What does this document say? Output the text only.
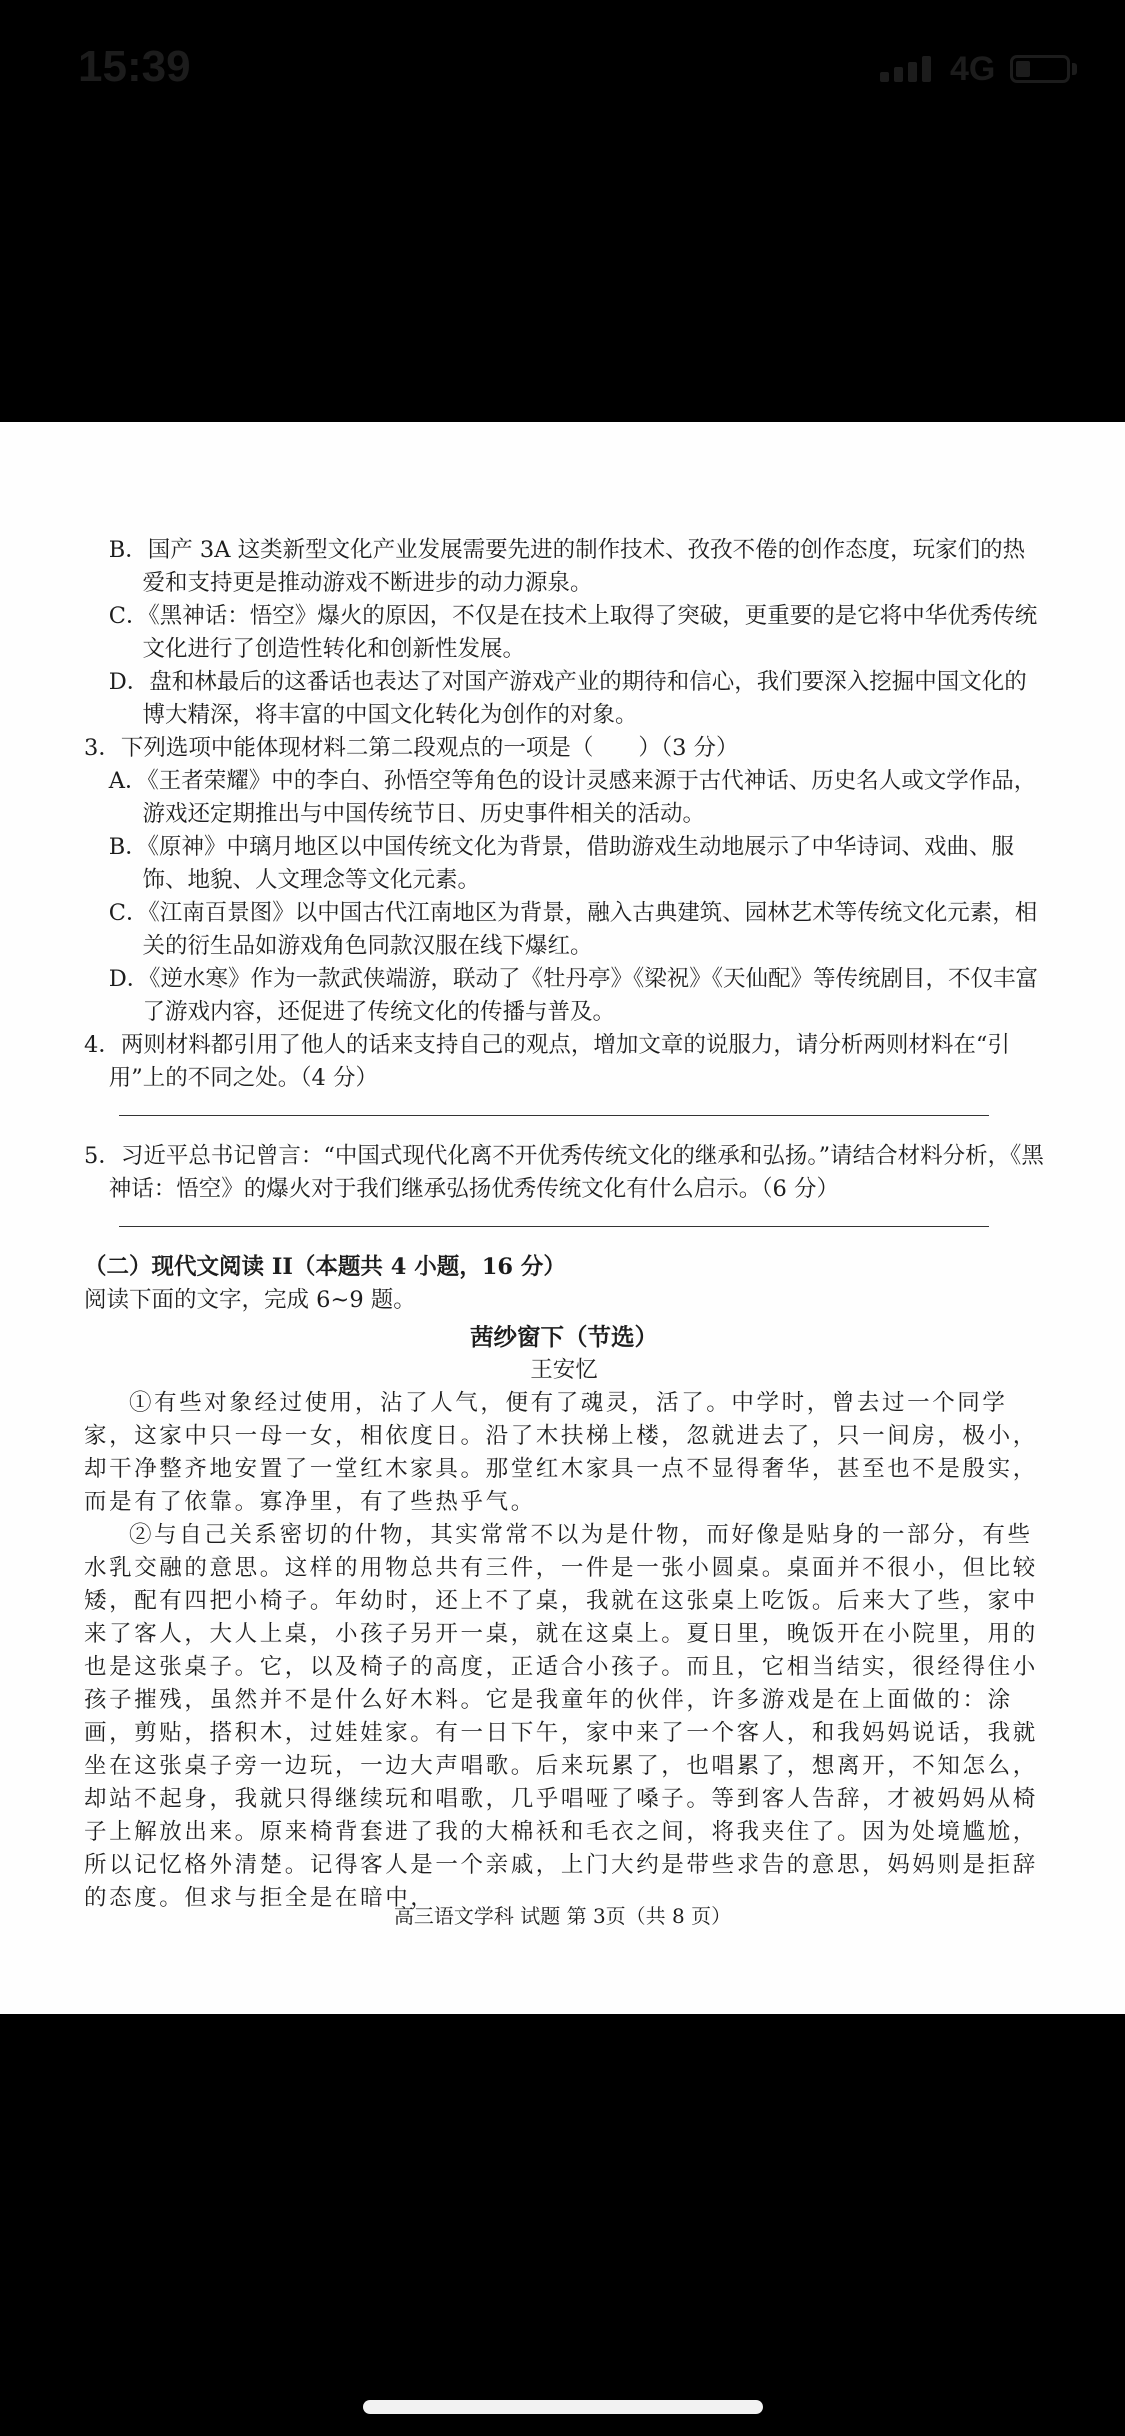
15:39	4G

B．国产 3A 这类新型文化产业发展需要先进的制作技术、孜孜不倦的创作态度，玩家们的热爱和支持更是推动游戏不断进步的动力源泉。

C．《黑神话：悟空》爆火的原因，不仅是在技术上取得了突破，更重要的是它将中华优秀传统文化进行了创造性转化和创新性发展。

D．盘和林最后的这番话也表达了对国产游戏产业的期待和信心，我们要深入挖掘中国文化的博大精深，将丰富的中国文化转化为创作的对象。

3．下列选项中能体现材料二第二段观点的一项是（　　）（3 分）

A．《王者荣耀》中的李白、孙悟空等角色的设计灵感来源于古代神话、历史名人或文学作品，游戏还定期推出与中国传统节日、历史事件相关的活动。

B．《原神》中璃月地区以中国传统文化为背景，借助游戏生动地展示了中华诗词、戏曲、服饰、地貌、人文理念等文化元素。

C．《江南百景图》以中国古代江南地区为背景，融入古典建筑、园林艺术等传统文化元素，相关的衍生品如游戏角色同款汉服在线下爆红。

D．《逆水寒》作为一款武侠端游，联动了《牡丹亭》《梁祝》《天仙配》等传统剧目，不仅丰富了游戏内容，还促进了传统文化的传播与普及。

4．两则材料都引用了他人的话来支持自己的观点，增加文章的说服力，请分析两则材料在“引用”上的不同之处。（4 分）

5．习近平总书记曾言：“中国式现代化离不开优秀传统文化的继承和弘扬。”请结合材料分析，《黑神话：悟空》的爆火对于我们继承弘扬优秀传统文化有什么启示。（6 分）

（二）现代文阅读 II（本题共 4 小题，16 分）

阅读下面的文字，完成 6~9 题。

茜纱窗下（节选）

王安忆

①有些对象经过使用，沾了人气，便有了魂灵，活了。中学时，曾去过一个同学家，这家中只一母一女，相依度日。沿了木扶梯上楼，忽就进去了，只一间房，极小，却干净整齐地安置了一堂红木家具。那堂红木家具一点不显得奢华，甚至也不是殷实，而是有了依靠。寡净里，有了些热乎气。

②与自己关系密切的什物，其实常常不以为是什物，而好像是贴身的一部分，有些水乳交融的意思。这样的用物总共有三件，一件是一张小圆桌。桌面并不很小，但比较矮，配有四把小椅子。年幼时，还上不了桌，我就在这张桌上吃饭。后来大了些，家中来了客人，大人上桌，小孩子另开一桌，就在这桌上。夏日里，晚饭开在小院里，用的也是这张桌子。它，以及椅子的高度，正适合小孩子。而且，它相当结实，很经得住小孩子摧残，虽然并不是什么好木料。它是我童年的伙伴，许多游戏是在上面做的：涂画，剪贴，搭积木，过娃娃家。有一日下午，家中来了一个客人，和我妈妈说话，我就坐在这张桌子旁一边玩，一边大声唱歌。后来玩累了，也唱累了，想离开，不知怎么，却站不起身，我就只得继续玩和唱歌，几乎唱哑了嗓子。等到客人告辞，才被妈妈从椅子上解放出来。原来椅背套进了我的大棉袄和毛衣之间，将我夹住了。因为处境尴尬，所以记忆格外清楚。记得客人是一个亲戚，上门大约是带些求告的意思，妈妈则是拒辞的态度。但求与拒全是在暗中，

高三语文学科 试题 第 3页（共 8 页）
